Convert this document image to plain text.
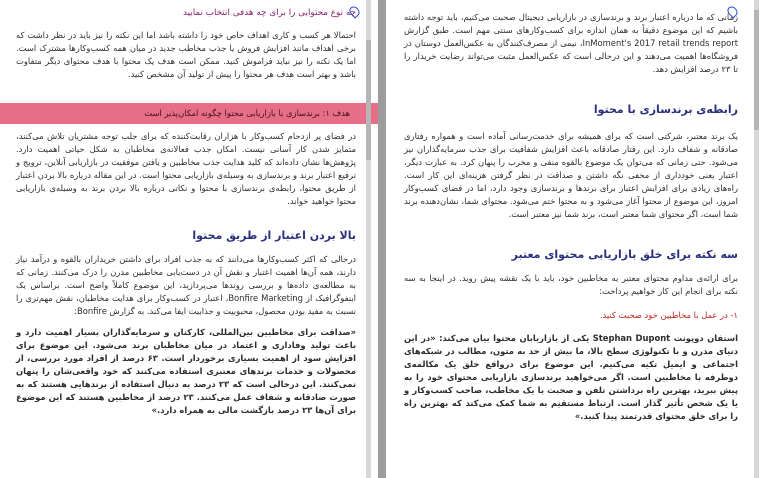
چه نوع محتوایی را برای چه هدفی انتخاب نمایید

احتمالا هر کسب و کاری اهداف خاص خود را داشته باشد اما این نکته را نیز باید در نظر داشت که برخی اهداف مانند افزایش فروش یا جذب مخاطب جدید در میان همه کسب‌وکارها مشترک است. اما یک نکته را نیز نباید فراموش کنید. ممکن است هدف یک محتوا با هدف محتوای دیگر متفاوت باشد و بهتر است هدف هر محتوا را پیش از تولید آن مشخص کنید.

هدف ۱: برندسازی با بازاریابی محتوا چگونه امکان‌پذیر است

در فضای پر ازدحام کسب‌وکار با هزاران رقابت‌کننده که برای جلب توجه مشتریان تلاش می‌کنند، متمایز شدن کار آسانی نیست. امکان جذب فعالانه‌ی مخاطبان به شکل حیاتی اهمیت دارد. پژوهش‌ها نشان داده‌اند که کلید هدایت جذب مخاطبین و یافتن موفقیت در بازاریابی آنلاین، ترویج و ترفیع اعتبار برند و برندسازی به وسیله‌ی بازاریابی محتوا است. در این مقاله درباره بالا بردن اعتبار از طریق محتوا، رابطه‌ی برندسازی با محتوا و نکاتی درباره بالا بردن برند به وسیله‌ی بازاریابی محتوا خواهید خواند.

بالا بردن اعتبار از طریق محتوا

درحالی که اکثر کسب‌وکارها می‌دانند که به جذب افراد برای داشتن خریداران بالقوه و درآمد نیاز دارند، همه آن‌ها اهمیت اعتبار و نقش آن در دست‌یابی مخاطبین مدرن را درک می‌کنند. زمانی که به مطالعه‌ی داده‌ها و بررسی روندها می‌پردازید، این موضوع کاملاً واضح است. براساس یک اینفوگرافیک از Bonfire Marketing، اعتبار در کسب‌وکار برای هدایت مخاطبان، نقش مهم‌تری را نسبت به مفید بودن محصول، محبوبیت و جذابیت ایفا می‌کند. به گزارش Bonfire:

«صداقت برای مخاطبین بین‌المللی، کارکنان و سرمایه‌گذاران بسیار اهمیت دارد و باعث تولید وفاداری و اعتماد در میان مخاطبان برند می‌شود. این موضوع برای افزایش سود از اهمیت بسیاری برخوردار است. ۶۳ درصد از افراد مورد بررسی، از محصولات و خدمات برندهای معتبری استفاده می‌کنند که خود واقعی‌شان را پنهان نمی‌کنند. این درحالی است که ۲۳ درصد به دنبال استفاده از برندهایی هستند که به صورت صادقانه و شفاف عمل می‌کنند. ۲۳ درصد از مخاطبین هستند که این موضوع برای آن‌ها ۲۳ درصد بازگشت مالی به همراه دارد.»

زمانی که ما درباره اعتبار برند و برندسازی در بازاریابی دیجیتال صحبت می‌کنیم، باید توجه داشته باشیم که این موضوع دقیقاً به همان اندازه برای کسب‌وکارهای سنتی مهم است. طبق گزارش InMoment's 2017 retail trends report، نیمی از مصرف‌کنندگان به عکس‌العمل دوستان در فروشگاه‌ها اهمیت می‌دهند و این درحالی است که عکس‌العمل مثبت می‌تواند رضایت خریدار را تا ۲۳ درصد افزایش دهد.

رابطه‌ی برندسازی با محتوا

یک برند معتبر، شرکتی است که برای همیشه برای خدمت‌رسانی آماده است و همواره رفتاری صادقانه و شفاف دارد. این رفتار صادقانه باعث افزایش شفافیت برای جذب سرمایه‌گذاران نیز می‌شود. حتی زمانی که می‌توان یک موضوع بالقوه منفی و مخرب را پنهان کرد. به عبارت دیگر، اعتبار یعنی خودداری از مخفی نگه داشتن و صداقت در نظر گرفتن هزینه‌ای این کار است. راه‌های زیادی برای افزایش اعتبار برای برندها و برندسازی وجود دارد، اما در فضای کسب‌وکار امروز، این موضوع از محتوا آغاز می‌شود و به محتوا ختم می‌شود. محتوای شما، نشان‌دهنده برند شما است، اگر محتوای شما معتبر است، برند شما نیز معتبر است.

سه نکته برای خلق بازاریابی محتوای معتبر

برای ارائه‌ی مداوم محتوای معتبر به مخاطبین خود، باید با یک نقشه پیش روید. در اینجا به سه نکته برای انجام این کار خواهیم پرداخت:

۱- در عمل با مخاطبین خود صحبت کنید.

استفان دوپونت Stephan Dupont یکی از بازاریابان محتوا بیان می‌کند: «در این دنیای مدرن و با تکنولوژی سطح بالا، ما بیش از حد به متون، مطالب در شبکه‌های اجتماعی و ایمیل تکیه می‌کنیم. این موضوع برای درواقع خلق یک مکالمه‌ی دوطرفه با مخاطبین است. اگر می‌خواهید برندسازی بازاریابی محتوای خود را به پیش ببرید، بهترین راه برداشتن تلفن و صحبت با یک مخاطب، صاحب کسب‌وکار و یا یک شخص تأثیر گذار است. ارتباط مستقیم به شما کمک می‌کند که بهترین راه را برای خلق محتوای قدرتمند پیدا کنید.»
